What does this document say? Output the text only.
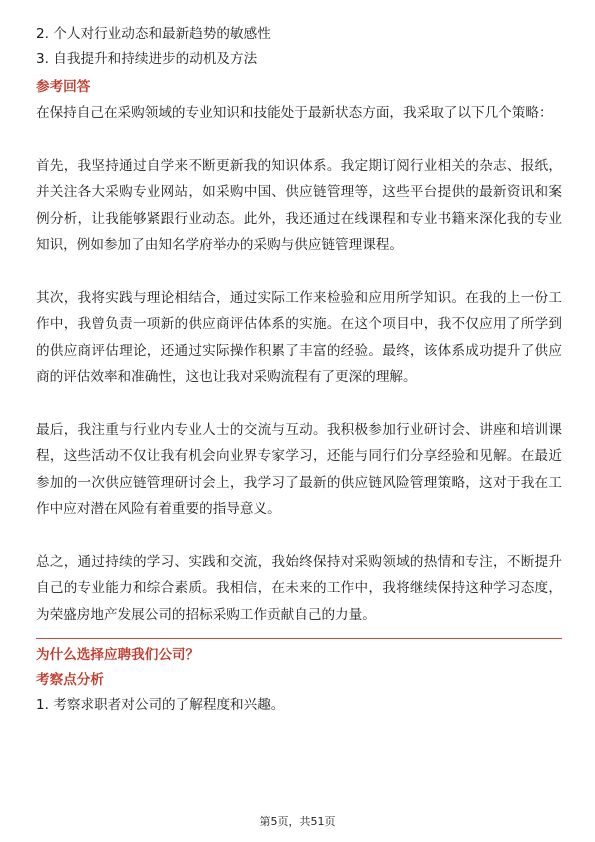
2. 个人对行业动态和最新趋势的敏感性

3. 自我提升和持续进步的动机及方法

参考回答

在保持自己在采购领域的专业知识和技能处于最新状态方面，我采取了以下几个策略：

首先，我坚持通过自学来不断更新我的知识体系。我定期订阅行业相关的杂志、报纸，并关注各大采购专业网站，如采购中国、供应链管理等，这些平台提供的最新资讯和案例分析，让我能够紧跟行业动态。此外，我还通过在线课程和专业书籍来深化我的专业知识，例如参加了由知名学府举办的采购与供应链管理课程。

其次，我将实践与理论相结合，通过实际工作来检验和应用所学知识。在我的上一份工作中，我曾负责一项新的供应商评估体系的实施。在这个项目中，我不仅应用了所学到的供应商评估理论，还通过实际操作积累了丰富的经验。最终，该体系成功提升了供应商的评估效率和准确性，这也让我对采购流程有了更深的理解。

最后，我注重与行业内专业人士的交流与互动。我积极参加行业研讨会、讲座和培训课程，这些活动不仅让我有机会向业界专家学习，还能与同行们分享经验和见解。在最近参加的一次供应链管理研讨会上，我学习了最新的供应链风险管理策略，这对于我在工作中应对潜在风险有着重要的指导意义。

总之，通过持续的学习、实践和交流，我始终保持对采购领域的热情和专注，不断提升自己的专业能力和综合素质。我相信，在未来的工作中，我将继续保持这种学习态度，为荣盛房地产发展公司的招标采购工作贡献自己的力量。

为什么选择应聘我们公司？

考察点分析

1. 考察求职者对公司的了解程度和兴趣。

第5页，共51页
